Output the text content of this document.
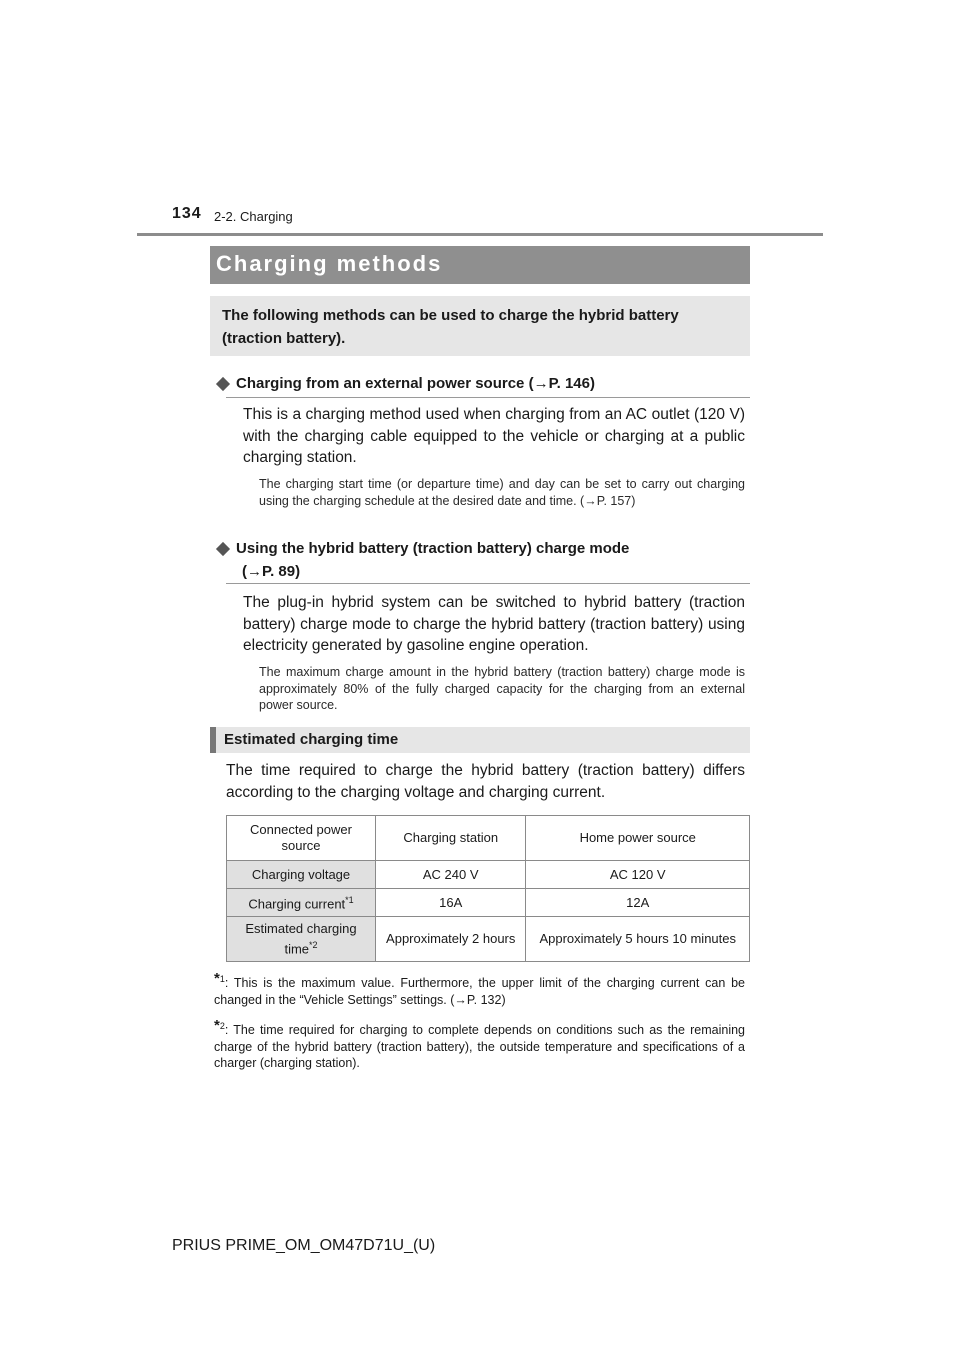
134 2-2. Charging
Charging methods
The following methods can be used to charge the hybrid battery (traction battery).
Charging from an external power source (→P. 146)
This is a charging method used when charging from an AC outlet (120 V) with the charging cable equipped to the vehicle or charging at a public charging station.
The charging start time (or departure time) and day can be set to carry out charging using the charging schedule at the desired date and time. (→P. 157)
Using the hybrid battery (traction battery) charge mode
(→P. 89)
The plug-in hybrid system can be switched to hybrid battery (traction battery) charge mode to charge the hybrid battery (traction battery) using electricity generated by gasoline engine operation.
The maximum charge amount in the hybrid battery (traction battery) charge mode is approximately 80% of the fully charged capacity for the charging from an external power source.
Estimated charging time
The time required to charge the hybrid battery (traction battery) differs according to the charging voltage and charging current.
Connected power source	Charging station	Home power source
Charging voltage	AC 240 V	AC 120 V
Charging current$^{*1}$	16A	12A
Estimated charging time$^{*2}$	Approximately 2 hours	Approximately 5 hours 10 minutes
*$^1$: This is the maximum value. Furthermore, the upper limit of the charging current can be changed in the “Vehicle Settings” settings. (→P. 132)
*$^2$: The time required for charging to complete depends on conditions such as the remaining charge of the hybrid battery (traction battery), the outside temperature and specifications of a charger (charging station).
PRIUS PRIME_OM_OM47D71U_(U)
